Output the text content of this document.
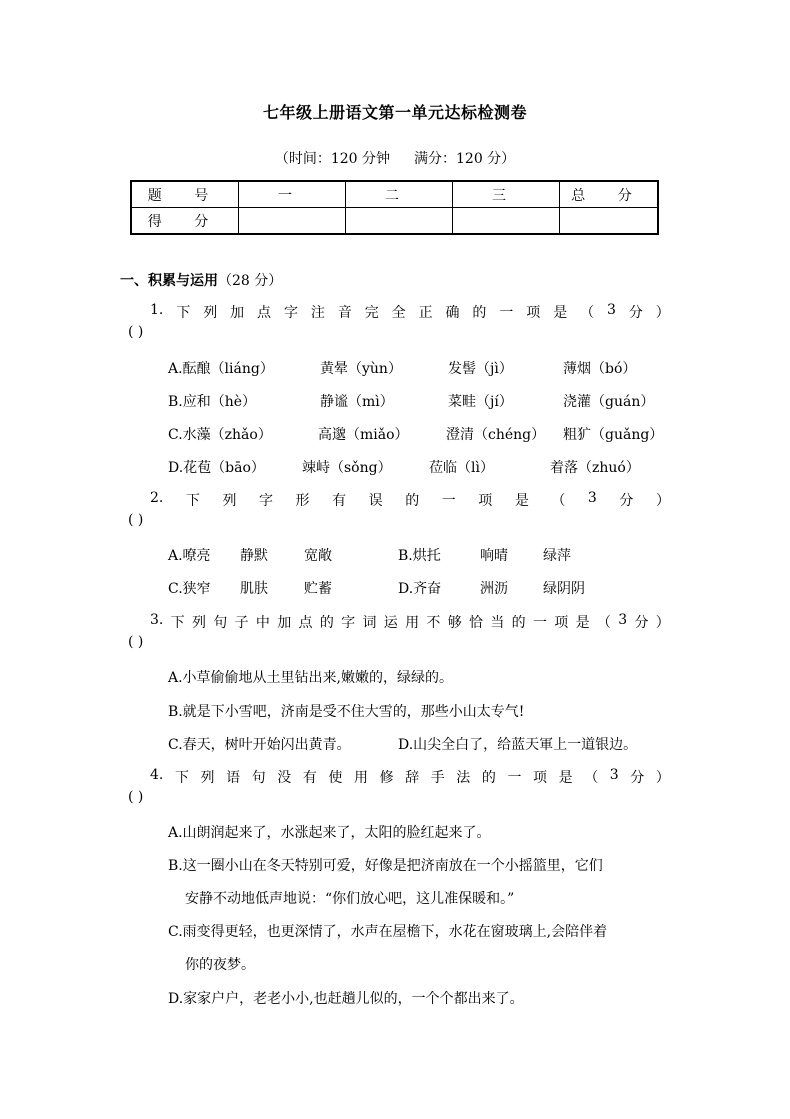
七年级上册语文第一单元达标检测卷
（时间：120 分钟 满分：120 分）
题 号	一	二	三	总 分
得 分				
一、积累与运用（28 分）
1. 下 列 加 点 字 注 音 完 全 正 确 的 一 项 是 （ 3 分 ）
( )
A.酝酿（liáng）	黄晕（yùn）	发髻（jì）	薄烟（bó）
B.应和（hè）	静谧（mì）	菜畦（jí）	浇灌（guán）
C.水藻（zhǎo）	高邈（miǎo）	澄清（chéng） 粗犷（guǎng）
D.花苞（bāo）	竦峙（sǒng）	莅临（lì）	着落（zhuó）
2. 下 列 字 形 有 误 的 一 项 是 （ 3 分 ）
( )
A.嘹亮 静默	宽敞	B.烘托	响晴	绿萍
C.狭窄 肌肤	贮蓄	D.齐奋	洲沥	绿阴阴
3. 下 列 句 子 中 加 点 的 字 词 运 用 不 够 恰 当 的 一 项 是 （ 3 分 ）
( )
A.小草偷偷地从土里钻出来,嫩嫩的，绿绿的。
B.就是下小雪吧，济南是受不住大雪的，那些小山太专气!
C.春天，树叶开始闪出黄青。	D.山尖全白了，给蓝天軍上一道银边。
4. 下 列 语 句 没 有 使 用 修 辞 手 法 的 一 项 是 （ 3 分 ）
( )
A.山朗润起来了，水涨起来了，太阳的脸红起来了。
B.这一圈小山在冬天特别可爱，好像是把济南放在一个小摇篮里，它们
安静不动地低声地说：“你们放心吧，这儿准保暖和。”
C.雨变得更轻，也更深情了，水声在屋檐下，水花在窗玻璃上,会陪伴着
你的夜梦。
D.家家户户，老老小小,也赶趟儿似的，一个个都出来了。
